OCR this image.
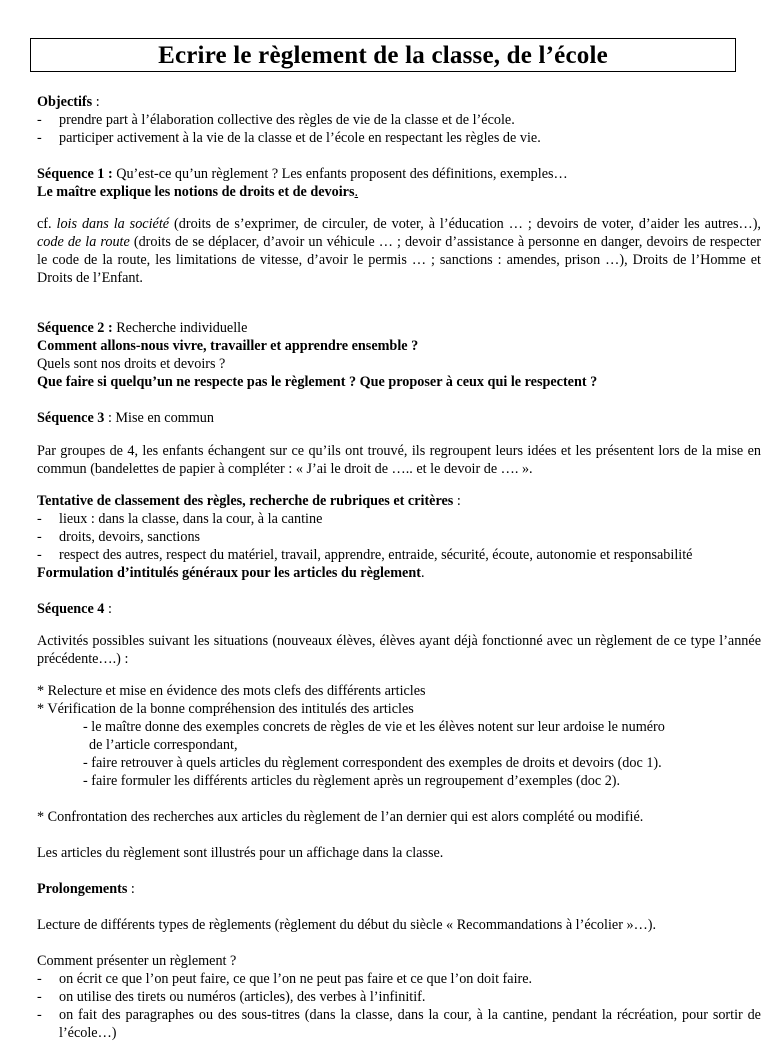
Ecrire le règlement de la classe, de l’école

Objectifs :

- prendre part à l’élaboration collective des règles de vie de la classe et de l’école.

- participer activement à la vie de la classe et de l’école en respectant les règles de vie.

Séquence 1 : Qu’est-ce qu’un règlement ? Les enfants proposent des définitions, exemples…

Le maître explique les notions de droits et de devoirs.

cf. lois dans la société (droits de s’exprimer, de circuler, de voter, à l’éducation … ; devoirs de voter, d’aider les autres…), code de la route (droits de se déplacer, d’avoir un véhicule … ; devoir d’assistance à personne en danger, devoirs de respecter le code de la route, les limitations de vitesse, d’avoir le permis … ; sanctions : amendes, prison …), Droits de l’Homme et Droits de l’Enfant.

Séquence 2 : Recherche individuelle

Comment allons-nous vivre, travailler et apprendre ensemble ?

Quels sont nos droits et devoirs ?

Que faire si quelqu’un ne respecte pas le règlement ? Que proposer à ceux qui le respectent ?

Séquence 3 : Mise en commun

Par groupes de 4, les enfants échangent sur ce qu’ils ont trouvé, ils regroupent leurs idées et les présentent lors de la mise en commun (bandelettes de papier à compléter : « J’ai le droit de ….. et le devoir de …. ».

Tentative de classement des règles, recherche de rubriques et critères :

- lieux : dans la classe, dans la cour, à la cantine

- droits, devoirs, sanctions

- respect des autres, respect du matériel, travail, apprendre, entraide, sécurité, écoute, autonomie et responsabilité

Formulation d’intitulés généraux pour les articles du règlement.

Séquence 4 :

Activités possibles suivant les situations (nouveaux élèves, élèves ayant déjà fonctionné avec un règlement de ce type l’année précédente….) :

* Relecture et mise en évidence des mots clefs des différents articles

* Vérification de la bonne compréhension des intitulés des articles

- le maître donne des exemples concrets de règles de vie et les élèves notent sur leur ardoise le numéro

de l’article correspondant,

- faire retrouver à quels articles du règlement correspondent des exemples de droits et devoirs (doc 1).

- faire formuler les différents articles du règlement après un regroupement d’exemples (doc 2).

* Confrontation des recherches aux articles du règlement de l’an dernier qui est alors complété ou modifié.

Les articles du règlement sont illustrés pour un affichage dans la classe.

Prolongements :

Lecture de différents types de règlements (règlement du début du siècle « Recommandations à l’écolier »…).

Comment présenter un règlement ?

- on écrit ce que l’on peut faire, ce que l’on ne peut pas faire et ce que l’on doit faire.

- on utilise des tirets ou numéros (articles), des verbes à l’infinitif.

- on fait des paragraphes ou des sous-titres (dans la classe, dans la cour, à la cantine, pendant la récréation, pour sortir de l’école…)
